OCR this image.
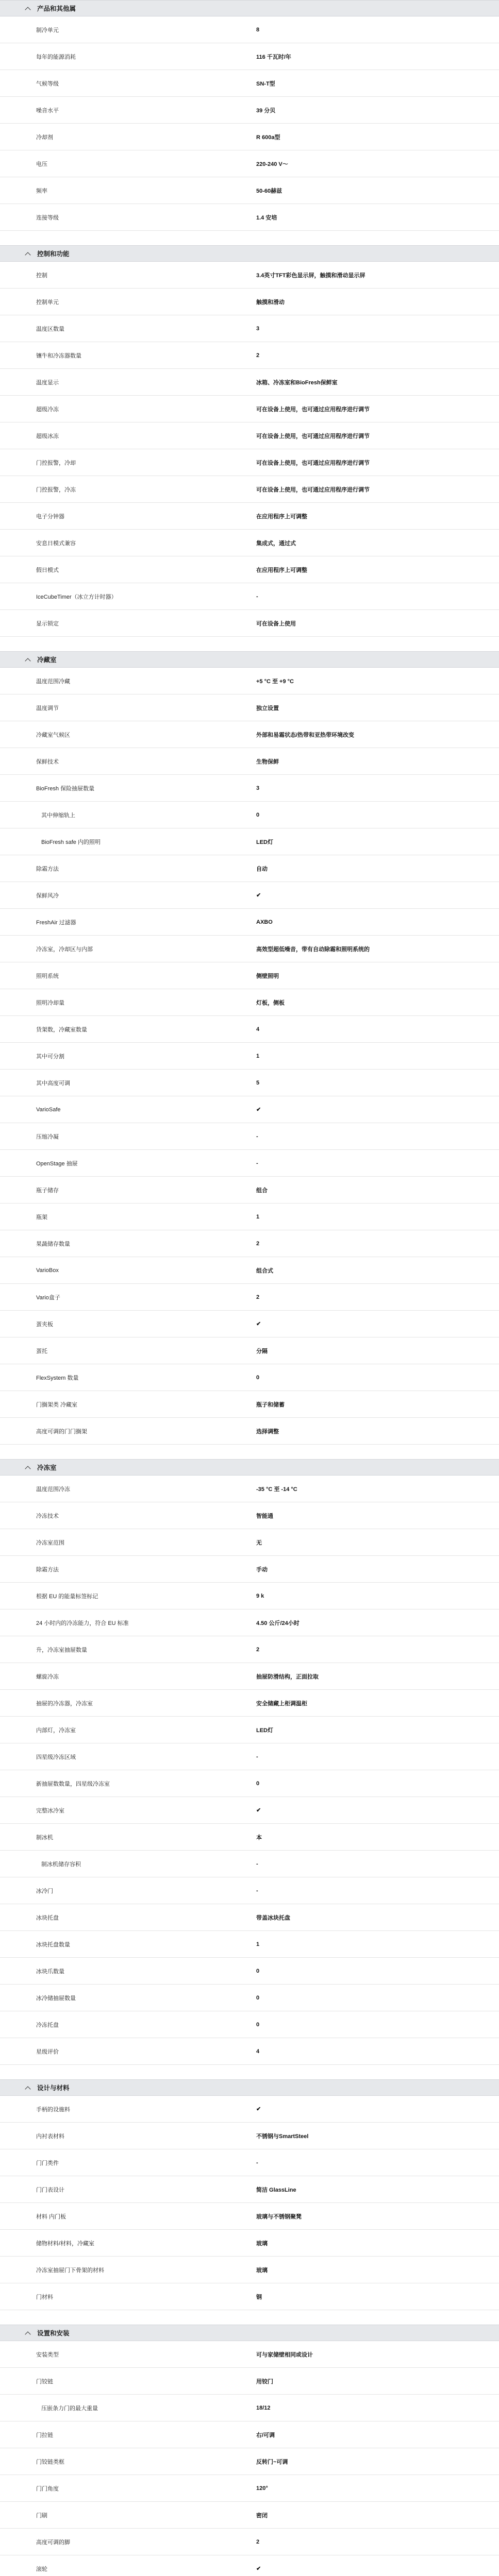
产品和其他属
制冷单元	8
每年的能源消耗	116 千瓦时/年
气候等级	SN-T型
噪音水平	39 分贝
冷却剂	R 600a型
电压	220-240 V～
频率	50-60赫兹
连接等级	1.4 安培
控制和功能
控制	3.4英寸TFT彩色显示屏，触摸和滑动显示屏
控制单元	触摸和滑动
温度区数量	3
镶牛和冷冻器数量	2
温度显示	冰箱、冷冻室和BioFresh保鲜室
超级冷冻	可在设备上使用，也可通过应用程序进行调节
超级冰冻	可在设备上使用，也可通过应用程序进行调节
门控报警，冷却	可在设备上使用，也可通过应用程序进行调节
门控报警，冷冻	可在设备上使用，也可通过应用程序进行调节
电子分钟器	在应用程序上可调整
安息日模式兼容	集成式，通过式
假日模式	在应用程序上可调整
IceCubeTimer（冰立方计时器）	-
显示锁定	可在设备上使用
冷藏室
温度范围冷藏	+5 °C 至 +9 °C
温度调节	独立设置
冷藏室气候区	外部和易霜状态/热带和亚热带环境改变
保鲜技术	生物保鲜
BioFresh 保险抽屉数量	3
其中伸缩轨上	0
BioFresh safe 内的照明	LED灯
除霜方法	自动
保鲜风冷	✔
FreshAir 过滤器	AXBO
冷冻室，冷却区与内部	高效型超低噪音，带有自动除霜和照明系统的
照明系统	侧壁照明
照明冷却量	灯板，侧板
货架数，冷藏室数量	4
其中可分割	1
其中高度可调	5
VarioSafe	✔
压缩冷凝	-
OpenStage 抽屉	-
瓶子储存	组合
瓶架	1
果蔬储存数量	2
VarioBox	组合式
Vario盒子	2
蛋夹板	✔
蛋托	分隔
FlexSystem 数量	0
门搁架类 冷藏室	瓶子和储蓄
高度可调的门门搁架	选择调整
冷冻室
温度范围冷冻	-35 °C 至 -14 °C
冷冻技术	智能通
冷冻室范围	无
除霜方法	手动
根据 EU 的能量标签标记	9 k
24 小时内的冷冻能力，符合 EU 标准	4.50 公斤/24小时
升，冷冻室抽屉数量	2
螺旋冷冻	抽屉防滑结构，正面拉取
抽屉的冷冻器，冷冻室	安全储藏上柜调温柜
内部灯，冷冻室	LED灯
四星级冷冻区域	-
新抽屉数数量，四星级冷冻室	0
完整冰冷室	✔
制冰机	本
制冰机储存容积	-
冰冷门	-
冰块托盘	带盖冰块托盘
冰块托盘数量	1
冰块爪数量	0
冰冷储抽屉数量	0
冷冻托盘	0
星级评价	4
设计与材料
手柄的设施料	✔
内衬表材料	不锈钢与SmartSteel
门门类件	-
门门表设计	简洁 GlassLine
材料 内门板	玻璃与不锈钢聚凳
储物材料/材料，冷藏室	玻璃
冷冻室抽屉门下骨架的材料	玻璃
门材料	钢
设置和安装
安装类型	可与家储壁相同或设计
门铰链	用铰门
压嵌条力门的最大重量	18/12
门拉链	右/可调
门铰链类框	反转门~可调
门门角度	120°
门刷	密闭
高度可调的脚	2
滚轮	✔
